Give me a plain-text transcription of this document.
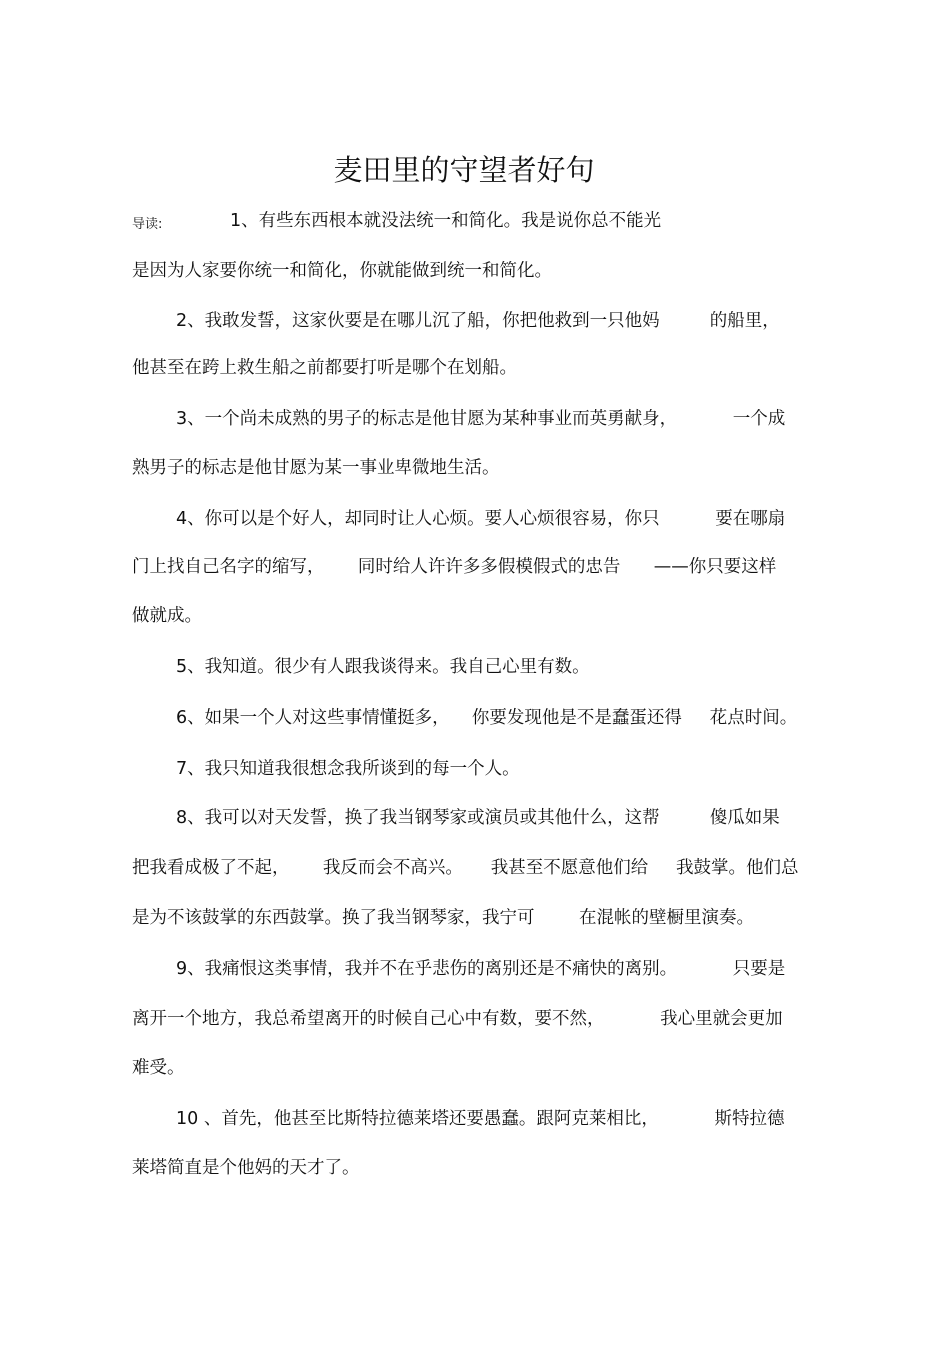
麦田里的守望者好句
导读:	1、有些东西根本就没法统一和简化。我是说你总不能光
是因为人家要你统一和简化，你就能做到统一和简化。
2、我敢发誓，这家伙要是在哪儿沉了船，你把他救到一只他妈         的船里，
他甚至在跨上救生船之前都要打听是哪个在划船。
3、一个尚未成熟的男子的标志是他甘愿为某种事业而英勇献身，          一个成
熟男子的标志是他甘愿为某一事业卑微地生活。
4、你可以是个好人，却同时让人心烦。要人心烦很容易，你只          要在哪扇
门上找自己名字的缩写，      同时给人许许多多假模假式的忠告      ——你只要这样
做就成。
5、我知道。很少有人跟我谈得来。我自己心里有数。
6、如果一个人对这些事情懂挺多，    你要发现他是不是蠢蛋还得     花点时间。
7、我只知道我很想念我所谈到的每一个人。
8、我可以对天发誓，换了我当钢琴家或演员或其他什么，这帮         傻瓜如果
把我看成极了不起，      我反而会不高兴。     我甚至不愿意他们给     我鼓掌。他们总
是为不该鼓掌的东西鼓掌。换了我当钢琴家，我宁可        在混帐的壁橱里演奏。
9、我痛恨这类事情，我并不在乎悲伤的离别还是不痛快的离别。          只要是
离开一个地方，我总希望离开的时候自己心中有数，要不然，          我心里就会更加
难受。
10 、首先，他甚至比斯特拉德莱塔还要愚蠢。跟阿克莱相比，          斯特拉德
莱塔简直是个他妈的天才了。
